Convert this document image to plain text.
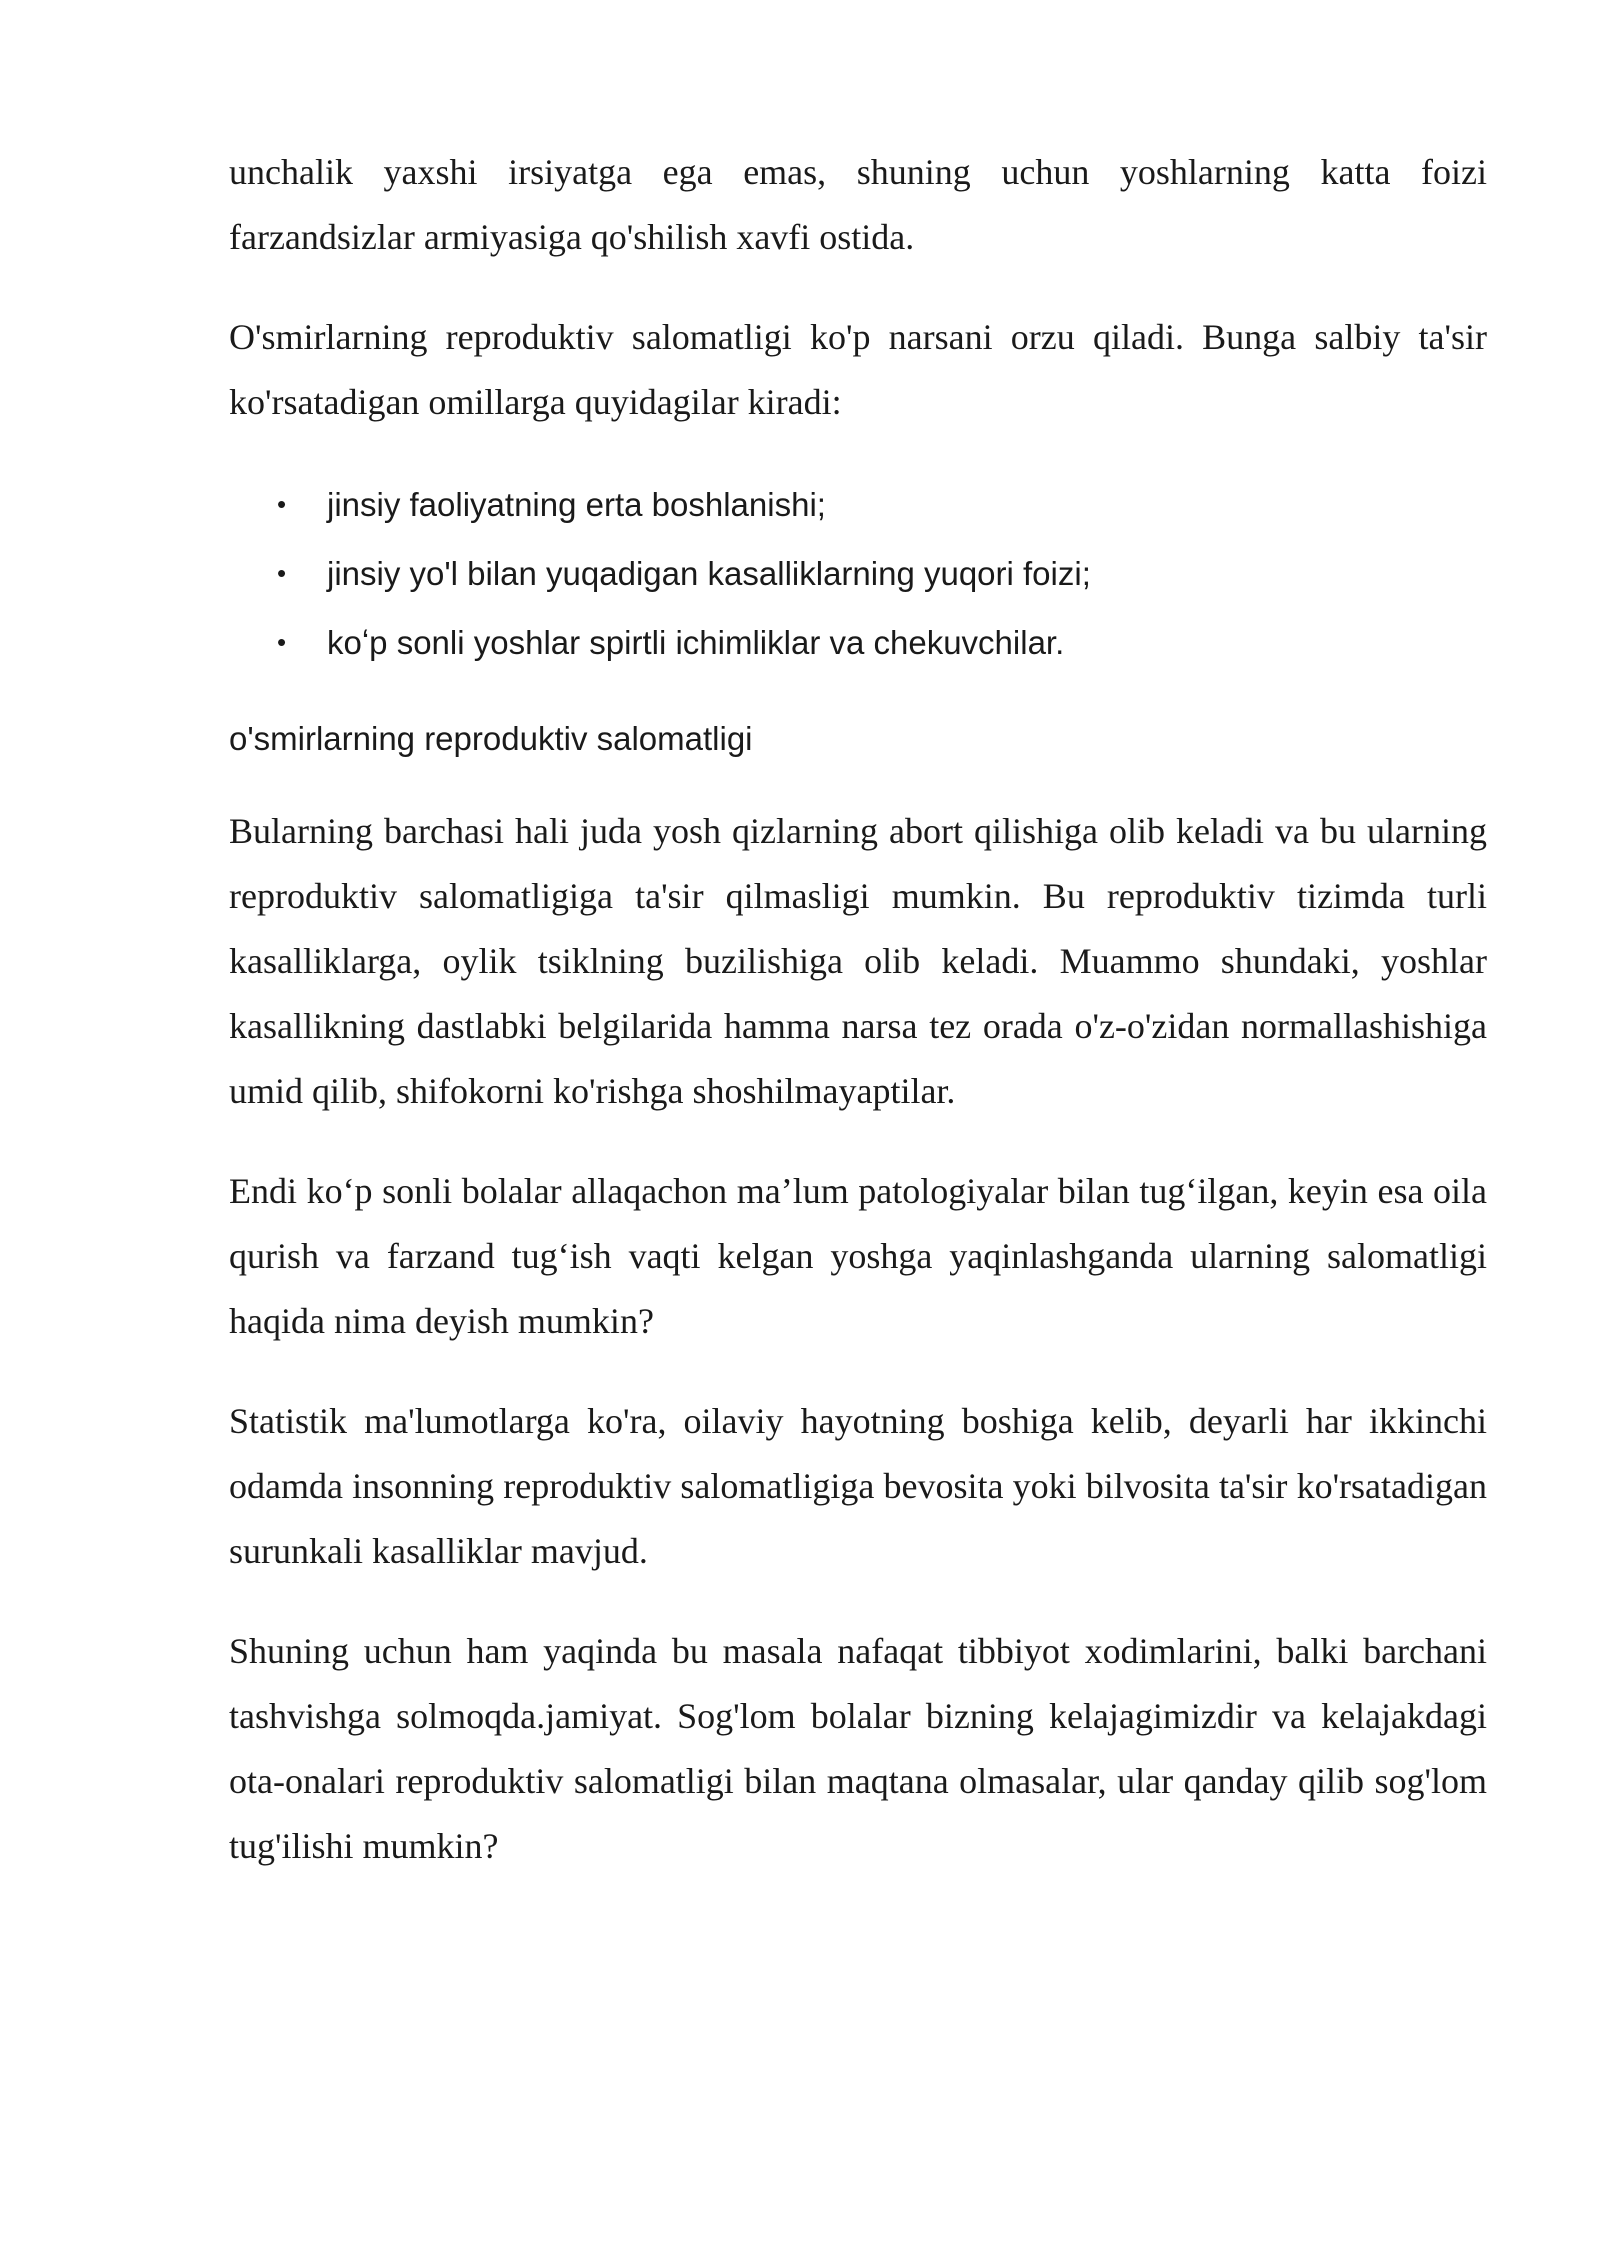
unchalik yaxshi irsiyatga ega emas, shuning uchun yoshlarning katta foizi farzandsizlar armiyasiga qo'shilish xavfi ostida.

O'smirlarning reproduktiv salomatligi ko'p narsani orzu qiladi. Bunga salbiy ta'sir ko'rsatadigan omillarga quyidagilar kiradi:

• jinsiy faoliyatning erta boshlanishi;
• jinsiy yo'l bilan yuqadigan kasalliklarning yuqori foizi;
• koʻp sonli yoshlar spirtli ichimliklar va chekuvchilar.
o'smirlarning reproduktiv salomatligi

Bularning barchasi hali juda yosh qizlarning abort qilishiga olib keladi va bu ularning reproduktiv salomatligiga ta'sir qilmasligi mumkin. Bu reproduktiv tizimda turli kasalliklarga, oylik tsiklning buzilishiga olib keladi. Muammo shundaki, yoshlar kasallikning dastlabki belgilarida hamma narsa tez orada o'z-o'zidan normallashishiga umid qilib, shifokorni ko'rishga shoshilmayaptilar.

Endi koʻp sonli bolalar allaqachon maʼlum patologiyalar bilan tugʻilgan, keyin esa oila qurish va farzand tugʻish vaqti kelgan yoshga yaqinlashganda ularning salomatligi haqida nima deyish mumkin?

Statistik ma'lumotlarga ko'ra, oilaviy hayotning boshiga kelib, deyarli har ikkinchi odamda insonning reproduktiv salomatligiga bevosita yoki bilvosita ta'sir ko'rsatadigan surunkali kasalliklar mavjud.

Shuning uchun ham yaqinda bu masala nafaqat tibbiyot xodimlarini, balki barchani tashvishga solmoqda.jamiyat. Sog'lom bolalar bizning kelajagimizdir va kelajakdagi ota-onalari reproduktiv salomatligi bilan maqtana olmasalar, ular qanday qilib sog'lom tug'ilishi mumkin?
